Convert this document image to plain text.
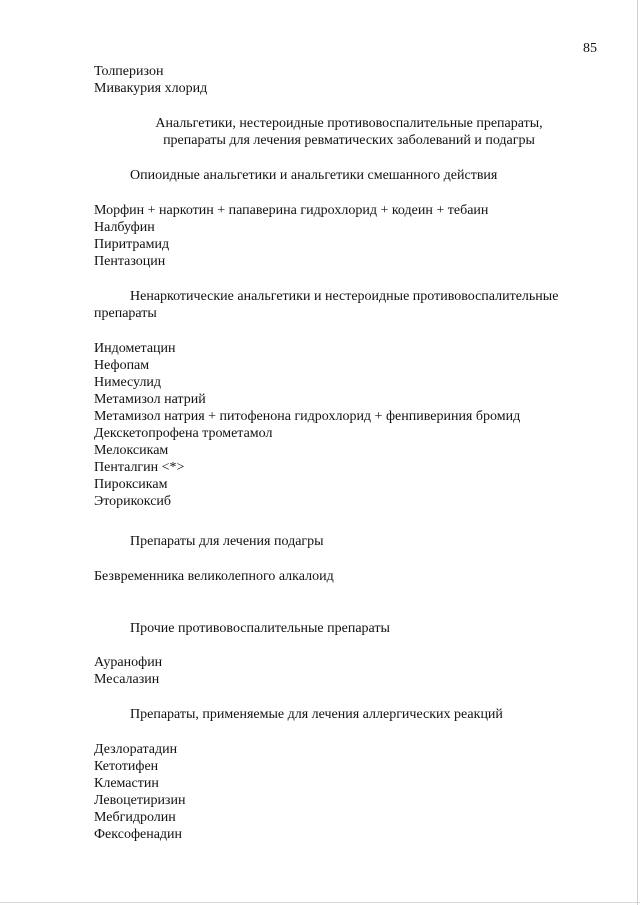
85
Толперизон
Мивакурия хлорид
Анальгетики, нестероидные противовоспалительные препараты,
препараты для лечения ревматических заболеваний и подагры
Опиоидные анальгетики и анальгетики смешанного действия
Морфин + наркотин + папаверина гидрохлорид + кодеин + тебаин
Налбуфин
Пиритрамид
Пентазоцин
Ненаркотические анальгетики и нестероидные противовоспалительные
препараты
Индометацин
Нефопам
Нимесулид
Метамизол натрий
Метамизол натрия + питофенона гидрохлорид + фенпивериния бромид
Декскетопрофена трометамол
Мелоксикам
Пенталгин <*>
Пироксикам
Эторикоксиб
Препараты для лечения подагры
Безвременника великолепного алкалоид
Прочие противовоспалительные препараты
Ауранофин
Месалазин
Препараты, применяемые для лечения аллергических реакций
Дезлоратадин
Кетотифен
Клемастин
Левоцетиризин
Мебгидролин
Фексофенадин
